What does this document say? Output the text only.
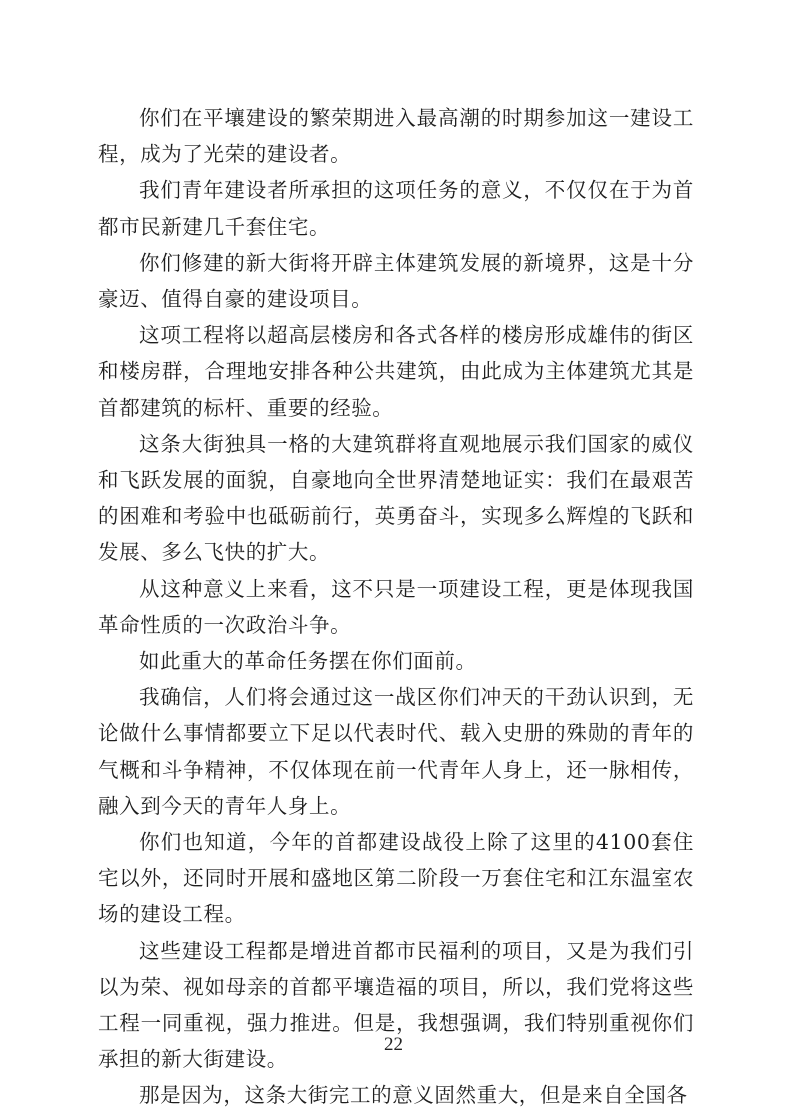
你们在平壤建设的繁荣期进入最高潮的时期参加这一建设工程，成为了光荣的建设者。

我们青年建设者所承担的这项任务的意义，不仅仅在于为首都市民新建几千套住宅。

你们修建的新大街将开辟主体建筑发展的新境界，这是十分豪迈、值得自豪的建设项目。

这项工程将以超高层楼房和各式各样的楼房形成雄伟的街区和楼房群，合理地安排各种公共建筑，由此成为主体建筑尤其是首都建筑的标杆、重要的经验。

这条大街独具一格的大建筑群将直观地展示我们国家的威仪和飞跃发展的面貌，自豪地向全世界清楚地证实：我们在最艰苦的困难和考验中也砥砺前行，英勇奋斗，实现多么辉煌的飞跃和发展、多么飞快的扩大。

从这种意义上来看，这不只是一项建设工程，更是体现我国革命性质的一次政治斗争。

如此重大的革命任务摆在你们面前。

我确信，人们将会通过这一战区你们冲天的干劲认识到，无论做什么事情都要立下足以代表时代、载入史册的殊勋的青年的气概和斗争精神，不仅体现在前一代青年人身上，还一脉相传，融入到今天的青年人身上。

你们也知道，今年的首都建设战役上除了这里的4100套住宅以外，还同时开展和盛地区第二阶段一万套住宅和江东温室农场的建设工程。

这些建设工程都是增进首都市民福利的项目，又是为我们引以为荣、视如母亲的首都平壤造福的项目，所以，我们党将这些工程一同重视，强力推进。但是，我想强调，我们特别重视你们承担的新大街建设。

那是因为，这条大街完工的意义固然重大，但是来自全国各

22
